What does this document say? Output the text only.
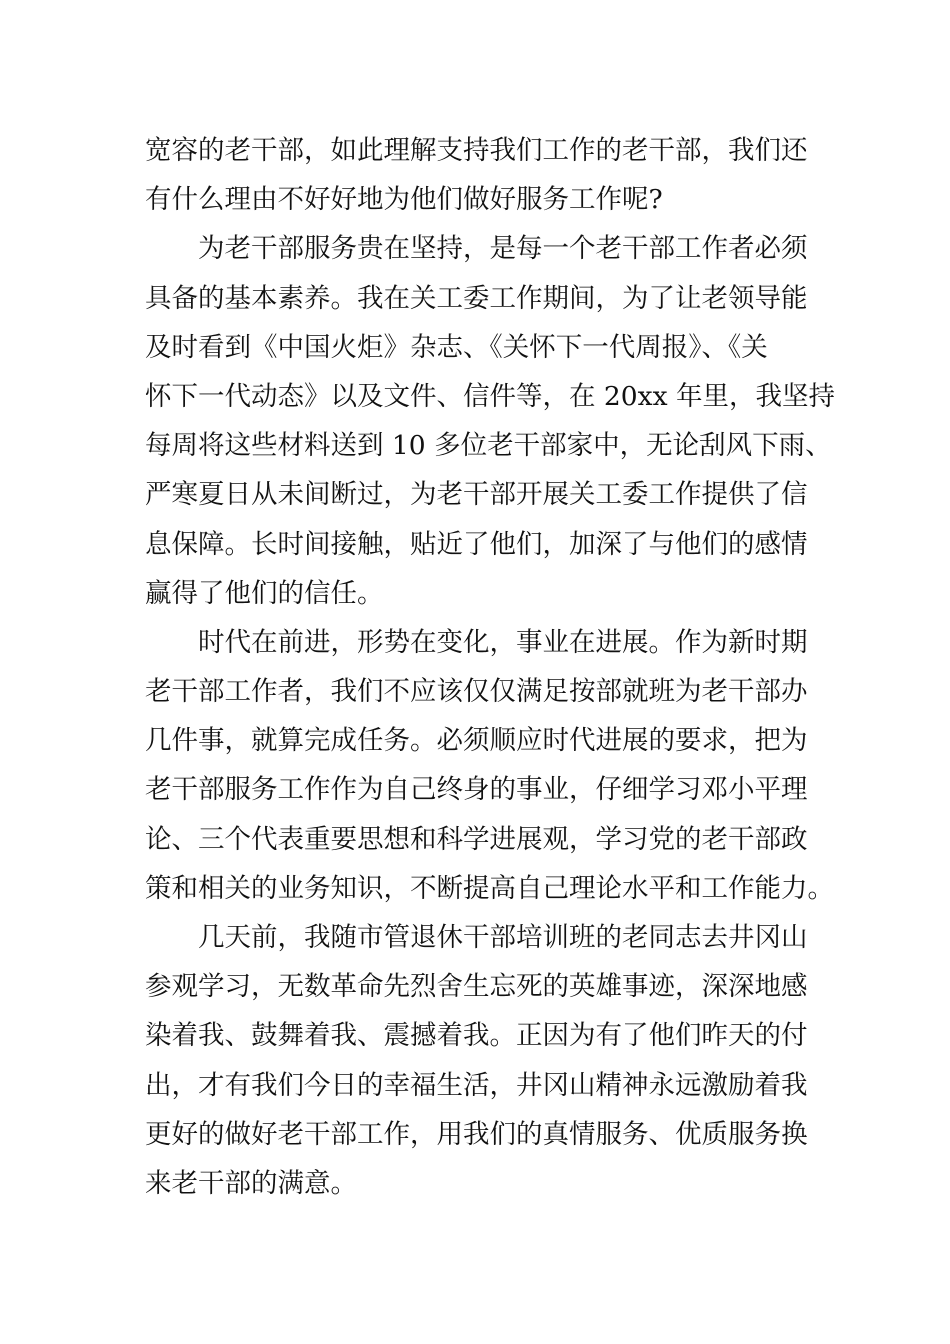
宽容的老干部，如此理解支持我们工作的老干部，我们还
有什么理由不好好地为他们做好服务工作呢?
为老干部服务贵在坚持，是每一个老干部工作者必须
具备的基本素养。我在关工委工作期间，为了让老领导能
及时看到《中国火炬》杂志、《关怀下一代周报》、《关
怀下一代动态》以及文件、信件等，在 20xx 年里，我坚持
每周将这些材料送到 10 多位老干部家中，无论刮风下雨、
严寒夏日从未间断过，为老干部开展关工委工作提供了信
息保障。长时间接触，贴近了他们，加深了与他们的感情
赢得了他们的信任。
时代在前进，形势在变化，事业在进展。作为新时期
老干部工作者，我们不应该仅仅满足按部就班为老干部办
几件事，就算完成任务。必须顺应时代进展的要求，把为
老干部服务工作作为自己终身的事业，仔细学习邓小平理
论、三个代表重要思想和科学进展观，学习党的老干部政
策和相关的业务知识，不断提高自己理论水平和工作能力。
几天前，我随市管退休干部培训班的老同志去井冈山
参观学习，无数革命先烈舍生忘死的英雄事迹，深深地感
染着我、鼓舞着我、震撼着我。正因为有了他们昨天的付
出，才有我们今日的幸福生活，井冈山精神永远激励着我
更好的做好老干部工作，用我们的真情服务、优质服务换
来老干部的满意。
